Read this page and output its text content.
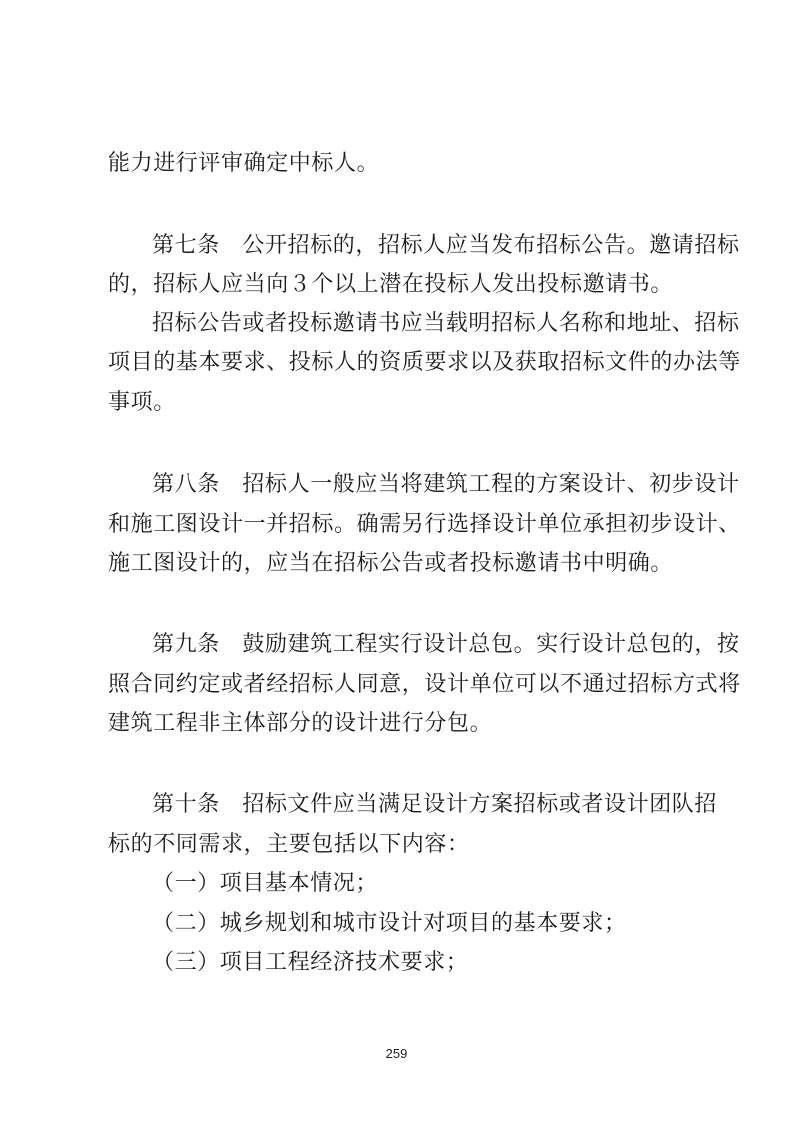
能力进行评审确定中标人。
第七条　公开招标的，招标人应当发布招标公告。邀请招标
的，招标人应当向３个以上潜在投标人发出投标邀请书。
招标公告或者投标邀请书应当载明招标人名称和地址、招标
项目的基本要求、投标人的资质要求以及获取招标文件的办法等
事项。
第八条　招标人一般应当将建筑工程的方案设计、初步设计
和施工图设计一并招标。确需另行选择设计单位承担初步设计、
施工图设计的，应当在招标公告或者投标邀请书中明确。
第九条　鼓励建筑工程实行设计总包。实行设计总包的，按
照合同约定或者经招标人同意，设计单位可以不通过招标方式将
建筑工程非主体部分的设计进行分包。
第十条　招标文件应当满足设计方案招标或者设计团队招
标的不同需求，主要包括以下内容：
（一）项目基本情况；
（二）城乡规划和城市设计对项目的基本要求；
（三）项目工程经济技术要求；
259
